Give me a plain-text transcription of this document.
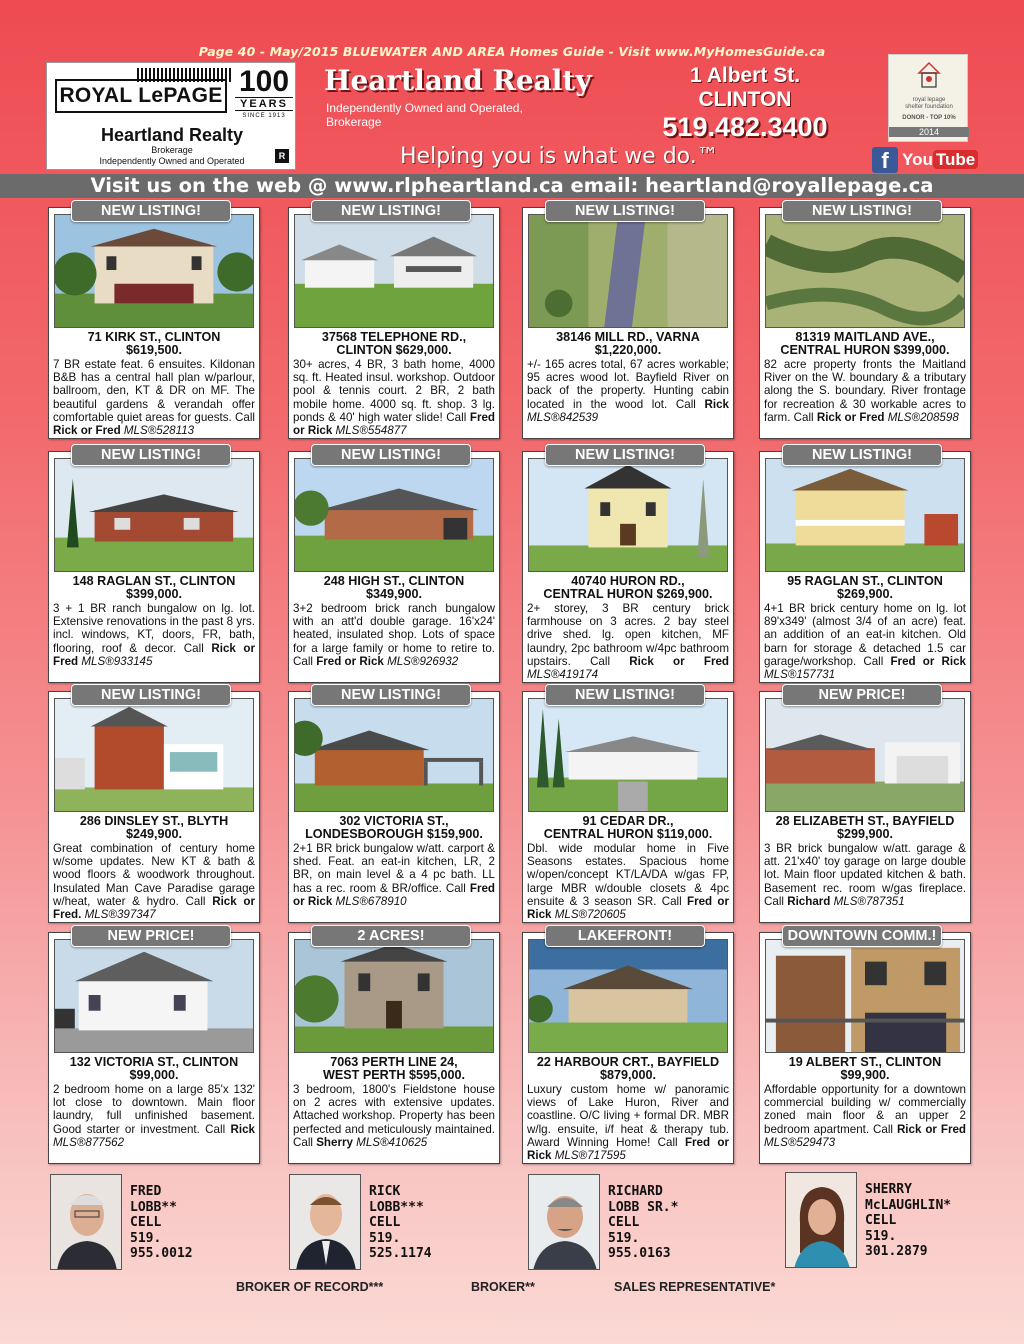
Page 40 - May/2015 BLUEWATER AND AREA Homes Guide - Visit www.MyHomesGuide.ca
ROYAL LePAGE 100
YEARS
SINCE 1913
Heartland Realty
Brokerage
Independently Owned and Operated	R
Heartland Realty
Independently Owned and Operated,
Brokerage
1 Albert St.
CLINTON
519.482.3400
Helping you is what we do.™
royal lepage
shelter foundation
DONOR - TOP 10%
2014
f You Tube
Visit us on the web @ www.rlpheartland.ca email: heartland@royallepage.ca
NEW LISTING!
71 KIRK ST., CLINTON
$619,500.
7 BR estate feat. 6 ensuites. Kildonan B&B has a central hall plan w/parlour, ballroom, den, KT & DR on MF. The beautiful gardens & verandah offer comfortable quiet areas for guests. Call Rick or Fred MLS®528113
NEW LISTING!
37568 TELEPHONE RD.,
CLINTON $629,000.
30+ acres, 4 BR, 3 bath home, 4000 sq. ft. Heated insul. workshop. Outdoor pool & tennis court. 2 BR, 2 bath mobile home. 4000 sq. ft. shop. 3 lg. ponds & 40' high water slide! Call Fred or Rick MLS®554877
NEW LISTING!
38146 MILL RD., VARNA
$1,220,000.
+/- 165 acres total, 67 acres workable; 95 acres wood lot. Bayfield River on back of the property. Hunting cabin located in the wood lot. Call Rick MLS®842539
NEW LISTING!
81319 MAITLAND AVE.,
CENTRAL HURON $399,000.
82 acre property fronts the Maitland River on the W. boundary & a tributary along the S. boundary. River frontage for recreation & 30 workable acres to farm. Call Rick or Fred MLS®208598
NEW LISTING!
148 RAGLAN ST., CLINTON
$399,000.
3 + 1 BR ranch bungalow on lg. lot. Extensive renovations in the past 8 yrs. incl. windows, KT, doors, FR, bath, flooring, roof & decor. Call Rick or Fred MLS®933145
NEW LISTING!
248 HIGH ST., CLINTON
$349,900.
3+2 bedroom brick ranch bungalow with an att'd double garage. 16'x24' heated, insulated shop. Lots of space for a large family or home to retire to. Call Fred or Rick MLS®926932
NEW LISTING!
40740 HURON RD.,
CENTRAL HURON $269,900.
2+ storey, 3 BR century brick farmhouse on 3 acres. 2 bay steel drive shed. lg. open kitchen, MF laundry, 2pc bathroom w/4pc bathroom upstairs. Call Rick or Fred MLS®419174
NEW LISTING!
95 RAGLAN ST., CLINTON
$269,900.
4+1 BR brick century home on lg. lot 89'x349' (almost 3/4 of an acre) feat. an addition of an eat-in kitchen. Old barn for storage & detached 1.5 car garage/workshop. Call Fred or Rick MLS®157731
NEW LISTING!
286 DINSLEY ST., BLYTH
$249,900.
Great combination of century home w/some updates. New KT & bath & wood floors & woodwork throughout. Insulated Man Cave Paradise garage w/heat, water & hydro. Call Rick or Fred. MLS®397347
NEW LISTING!
302 VICTORIA ST.,
LONDESBOROUGH $159,900.
2+1 BR brick bungalow w/att. carport & shed. Feat. an eat-in kitchen, LR, 2 BR, on main level & a 4 pc bath. LL has a rec. room & BR/office. Call Fred or Rick MLS®678910
NEW LISTING!
91 CEDAR DR.,
CENTRAL HURON $119,000.
Dbl. wide modular home in Five Seasons estates. Spacious home w/open/concept KT/LA/DA w/gas FP, large MBR w/double closets & 4pc ensuite & 3 season SR. Call Fred or Rick MLS®720605
NEW PRICE!
28 ELIZABETH ST., BAYFIELD
$299,900.
3 BR brick bungalow w/att. garage & att. 21'x40' toy garage on large double lot. Main floor updated kitchen & bath. Basement rec. room w/gas fireplace. Call Richard MLS®787351
NEW PRICE!
132 VICTORIA ST., CLINTON
$99,000.
2 bedroom home on a large 85'x 132' lot close to downtown. Main floor laundry, full unfinished basement. Good starter or investment. Call Rick MLS®877562
2 ACRES!
7063 PERTH LINE 24,
WEST PERTH $595,000.
3 bedroom, 1800's Fieldstone house on 2 acres with extensive updates. Attached workshop. Property has been perfected and meticulously maintained. Call Sherry MLS®410625
LAKEFRONT!
22 HARBOUR CRT., BAYFIELD
$879,000.
Luxury custom home w/ panoramic views of Lake Huron, River and coastline. O/C living + formal DR. MBR w/lg. ensuite, i/f heat & therapy tub. Award Winning Home! Call Fred or Rick MLS®717595
DOWNTOWN COMM.!
19 ALBERT ST., CLINTON
$99,900.
Affordable opportunity for a downtown commercial building w/ commercially zoned main floor & an upper 2 bedroom apartment. Call Rick or Fred MLS®529473
FRED
LOBB**
CELL
519.
955.0012
RICK
LOBB***
CELL
519.
525.1174
RICHARD
LOBB SR.*
CELL
519.
955.0163
SHERRY
McLAUGHLIN*
CELL
519.
301.2879
BROKER OF RECORD***	BROKER**	SALES REPRESENTATIVE*
